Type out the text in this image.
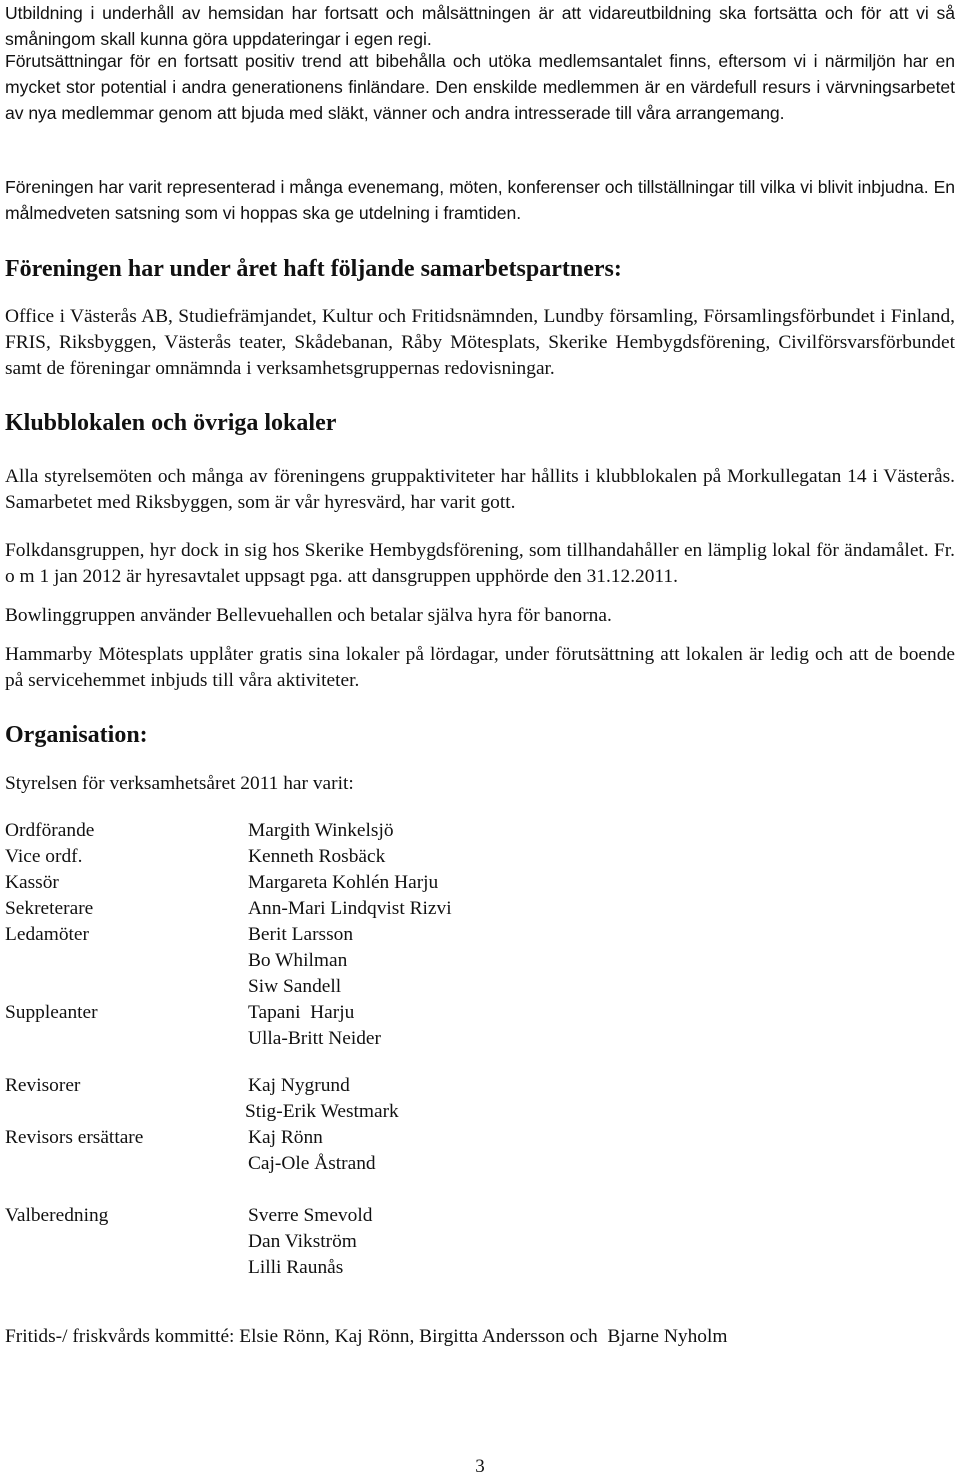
Utbildning i underhåll av hemsidan har fortsatt och målsättningen är att vidareutbildning ska fortsätta och för att vi så småningom skall kunna göra uppdateringar i egen regi.

Förutsättningar för en fortsatt positiv trend att bibehålla och utöka medlemsantalet finns, eftersom vi i närmiljön har en mycket stor potential i andra generationens finländare. Den enskilde medlemmen är en värdefull resurs i värvningsarbetet av nya medlemmar genom att bjuda med släkt, vänner och andra intresserade till våra arrangemang.

Föreningen har varit representerad i många evenemang, möten, konferenser och tillställningar till vilka vi blivit inbjudna. En målmedveten satsning som vi hoppas ska ge utdelning i framtiden.

Föreningen har under året haft följande samarbetspartners:

Office i Västerås AB, Studiefrämjandet, Kultur och Fritidsnämnden, Lundby församling, Församlingsförbundet i Finland, FRIS, Riksbyggen, Västerås teater, Skådebanan, Råby Mötesplats, Skerike Hembygdsförening, Civilförsvarsförbundet samt de föreningar omnämnda i verksamhetsgruppernas redovisningar.

Klubblokalen och övriga lokaler

Alla styrelsemöten och många av föreningens gruppaktiviteter har hållits i klubblokalen på Morkullegatan 14 i Västerås. Samarbetet med Riksbyggen, som är vår hyresvärd, har varit gott.

Folkdansgruppen, hyr dock in sig hos Skerike Hembygdsförening, som tillhandahåller en lämplig lokal för ändamålet. Fr. o m 1 jan 2012 är hyresavtalet uppsagt pga. att dansgruppen upphörde den 31.12.2011.

Bowlinggruppen använder Bellevuehallen och betalar själva hyra för banorna.

Hammarby Mötesplats upplåter gratis sina lokaler på lördagar, under förutsättning att lokalen är ledig och att de boende på servicehemmet inbjuds till våra aktiviteter.

Organisation:

Styrelsen för verksamhetsåret 2011 har varit:

Ordförande
Vice ordf.
Kassör
Sekreterare
Ledamöter
Suppleanter
Revisorer
Revisors ersättare
Valberedning
Margith Winkelsjö
Kenneth Rosbäck
Margareta Kohlén Harju
Ann-Mari Lindqvist Rizvi
Berit Larsson
Bo Whilman
Siw Sandell
Tapani  Harju
Ulla-Britt Neider
Kaj Nygrund
Stig-Erik Westmark
Kaj Rönn
Caj-Ole Åstrand
Sverre Smevold
Dan Vikström
Lilli Raunås

Fritids-/ friskvårds kommitté: Elsie Rönn, Kaj Rönn, Birgitta Andersson och  Bjarne Nyholm

3
